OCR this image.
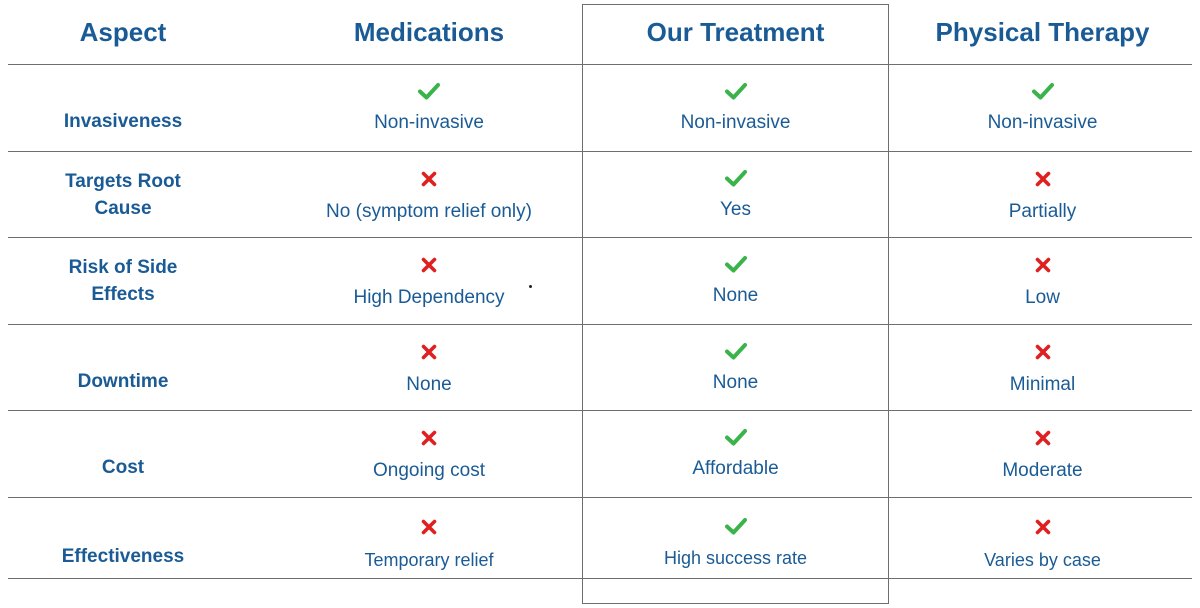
Aspect	Medications	Our Treatment	Physical Therapy
Invasiveness	Non-invasive	Non-invasive	Non-invasive
Targets Root Cause	No (symptom relief only)	Yes	Partially
Risk of Side Effects	High Dependency	None	Low
Downtime	None	None	Minimal
Cost	Ongoing cost	Affordable	Moderate
Effectiveness	Temporary relief	High success rate	Varies by case
